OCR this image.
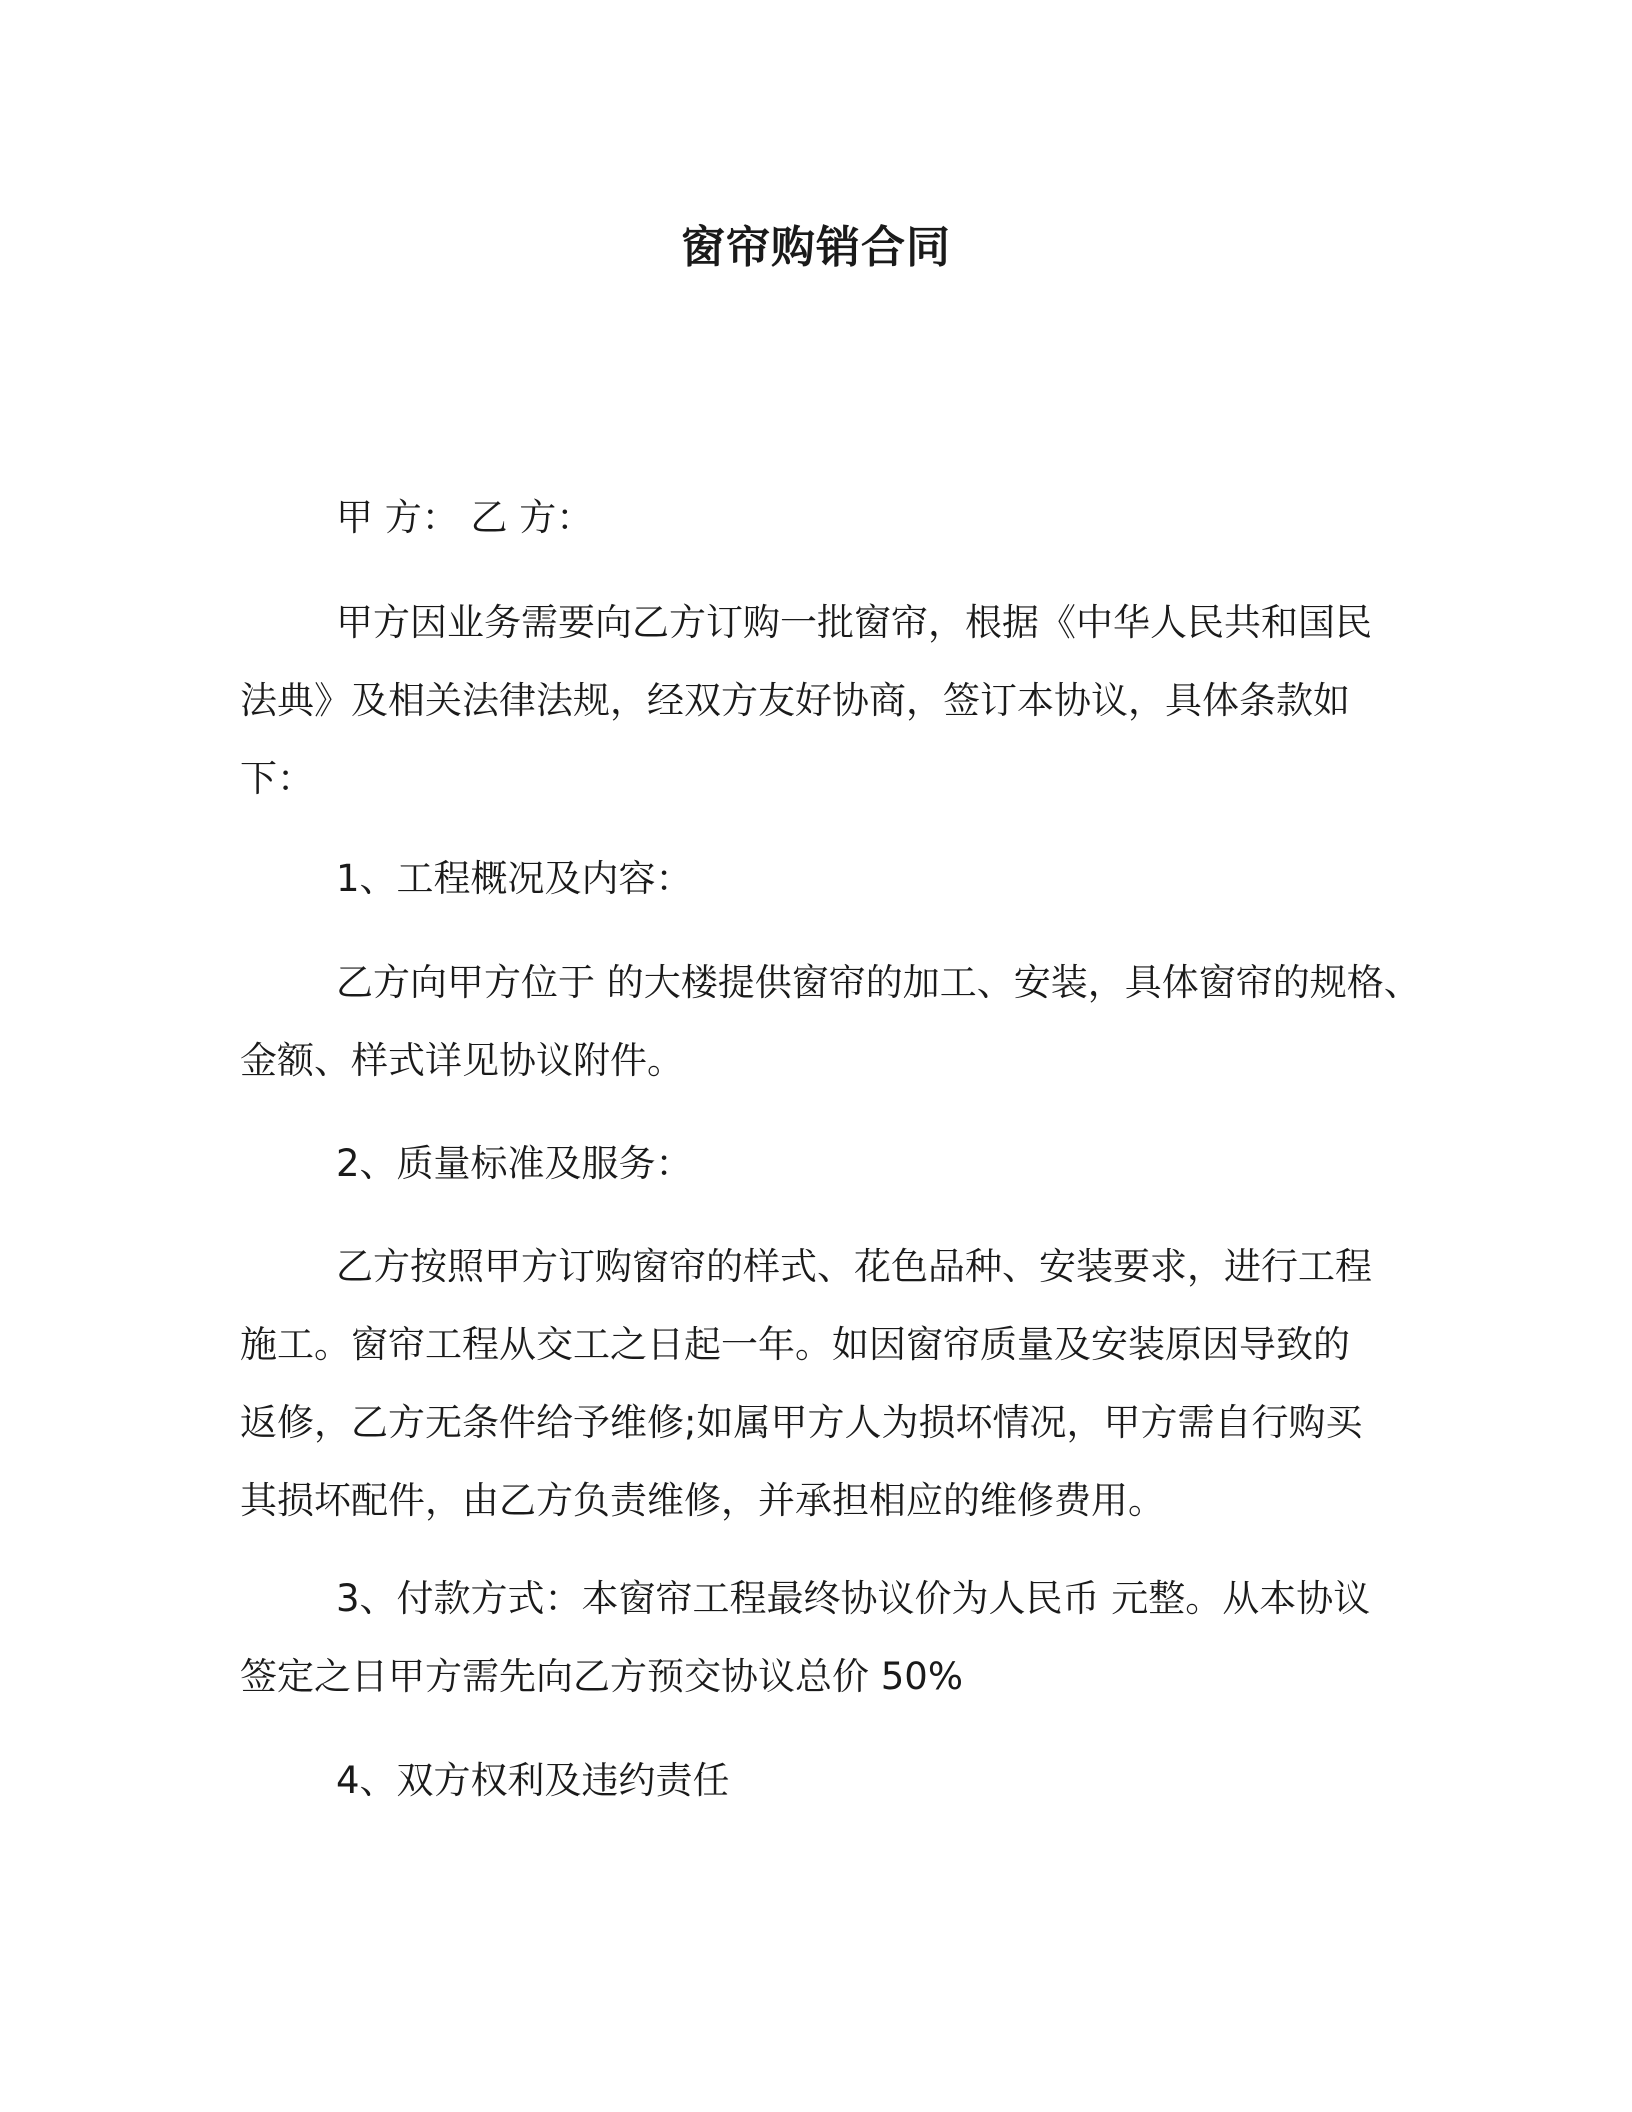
窗帘购销合同
甲 方： 乙 方：
甲方因业务需要向乙方订购一批窗帘，根据《中华人民共和国民
法典》及相关法律法规，经双方友好协商，签订本协议，具体条款如
下：
1、工程概况及内容：
乙方向甲方位于 的大楼提供窗帘的加工、安装，具体窗帘的规格、
金额、样式详见协议附件。
2、质量标准及服务：
乙方按照甲方订购窗帘的样式、花色品种、安装要求，进行工程
施工。窗帘工程从交工之日起一年。如因窗帘质量及安装原因导致的
返修，乙方无条件给予维修;如属甲方人为损坏情况，甲方需自行购买
其损坏配件，由乙方负责维修，并承担相应的维修费用。
3、付款方式：本窗帘工程最终协议价为人民币 元整。从本协议
签定之日甲方需先向乙方预交协议总价 50%
4、双方权利及违约责任
